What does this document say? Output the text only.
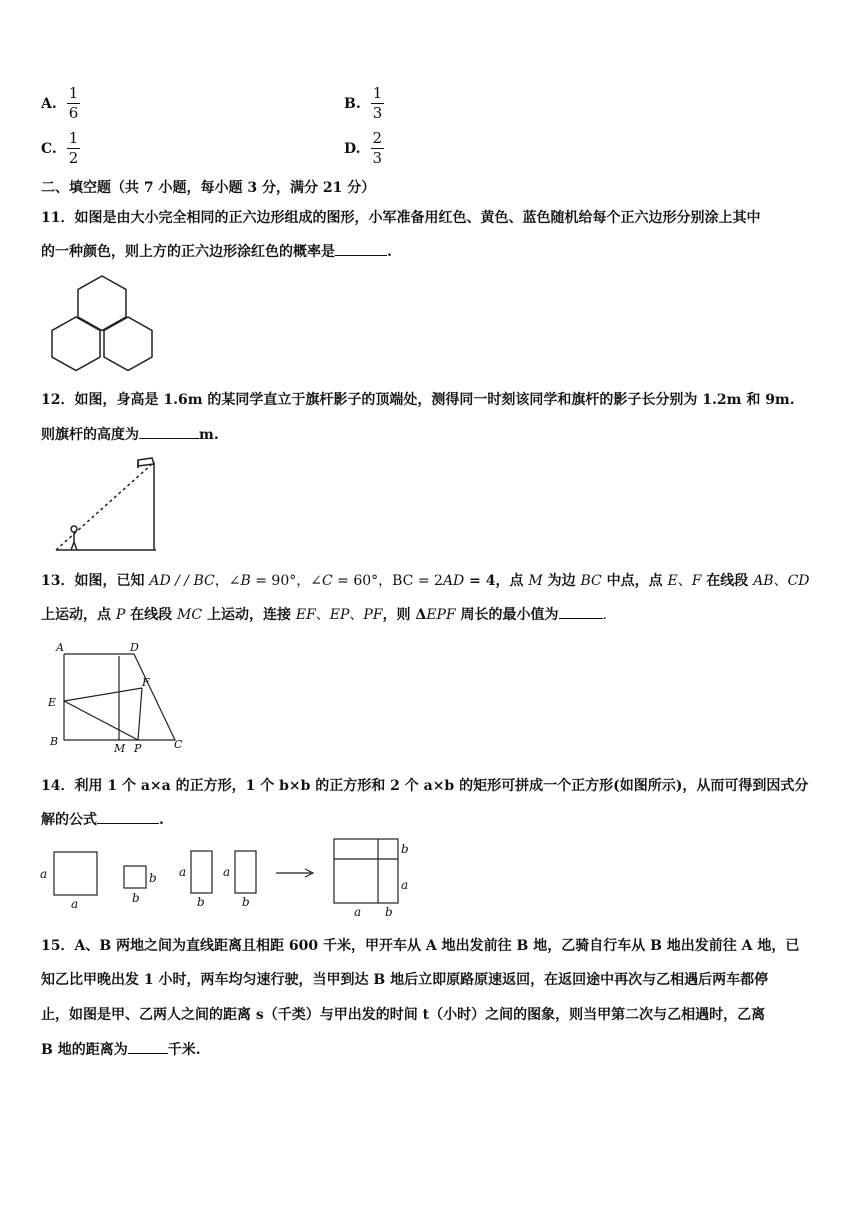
A. $\frac{1}{6}$	B. $\frac{1}{3}$
C. $\frac{1}{2}$	D. $\frac{2}{3}$
二、填空题（共 7 小题，每小题 3 分，满分 21 分）
11．如图是由大小完全相同的正六边形组成的图形，小军准备用红色、黄色、蓝色随机给每个正六边形分别涂上其中
的一种颜色，则上方的正六边形涂红色的概率是	.
12．如图，身高是 1.6m 的某同学直立于旗杆影子的顶端处，测得同一时刻该同学和旗杆的影子长分别为 1.2m 和 9m.
则旗杆的高度为	m.
13．如图，已知 AD / / BC，∠B = 90°，∠C = 60°，BC = 2AD = 4，点 M 为边 BC 中点，点 E、F 在线段 AB、CD
上运动，点 P 在线段 MC 上运动，连接 EF、EP、PF，则 ΔEPF 周长的最小值为	.
A	D
F
E
B
M P	C
14．利用 1 个 a×a 的正方形，1 个 b×b 的正方形和 2 个 a×b 的矩形可拼成一个正方形(如图所示)，从而可得到因式分
解的公式	.
a
a
b
b
a
b
a
b
b
a
a b
15．A、B 两地之间为直线距离且相距 600 千米，甲开车从 A 地出发前往 B 地，乙骑自行车从 B 地出发前往 A 地，已
知乙比甲晚出发 1 小时，两车均匀速行驶，当甲到达 B 地后立即原路原速返回，在返回途中再次与乙相遇后两车都停
止，如图是甲、乙两人之间的距离 s（千类）与甲出发的时间 t（小时）之间的图象，则当甲第二次与乙相遇时，乙离
B 地的距离为	千米.
